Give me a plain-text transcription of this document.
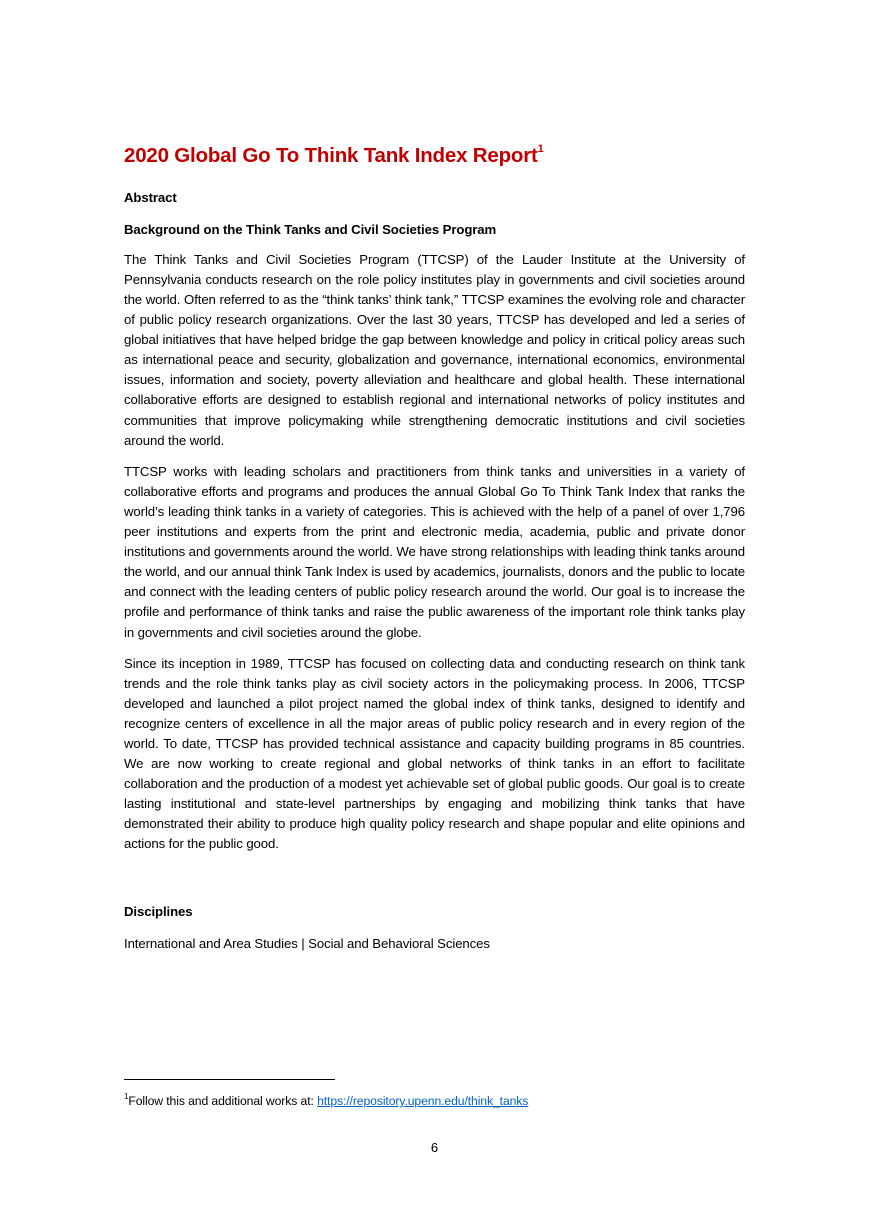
2020 Global Go To Think Tank Index Report$^1$

Abstract

Background on the Think Tanks and Civil Societies Program

The Think Tanks and Civil Societies Program (TTCSP) of the Lauder Institute at the University of Pennsylvania conducts research on the role policy institutes play in governments and civil societies around the world. Often referred to as the “think tanks’ think tank,” TTCSP examines the evolving role and character of public policy research organizations. Over the last 30 years, TTCSP has developed and led a series of global initiatives that have helped bridge the gap between knowledge and policy in critical policy areas such as international peace and security, globalization and governance, international economics, environmental issues, information and society, poverty alleviation and healthcare and global health. These international collaborative efforts are designed to establish regional and international networks of policy institutes and communities that improve policymaking while strengthening democratic institutions and civil societies around the world.

TTCSP works with leading scholars and practitioners from think tanks and universities in a variety of collaborative efforts and programs and produces the annual Global Go To Think Tank Index that ranks the world’s leading think tanks in a variety of categories. This is achieved with the help of a panel of over 1,796 peer institutions and experts from the print and electronic media, academia, public and private donor institutions and governments around the world. We have strong relationships with leading think tanks around the world, and our annual think Tank Index is used by academics, journalists, donors and the public to locate and connect with the leading centers of public policy research around the world. Our goal is to increase the profile and performance of think tanks and raise the public awareness of the important role think tanks play in governments and civil societies around the globe.

Since its inception in 1989, TTCSP has focused on collecting data and conducting research on think tank trends and the role think tanks play as civil society actors in the policymaking process. In 2006, TTCSP developed and launched a pilot project named the global index of think tanks, designed to identify and recognize centers of excellence in all the major areas of public policy research and in every region of the world. To date, TTCSP has provided technical assistance and capacity building programs in 85 countries. We are now working to create regional and global networks of think tanks in an effort to facilitate collaboration and the production of a modest yet achievable set of global public goods. Our goal is to create lasting institutional and state-level partnerships by engaging and mobilizing think tanks that have demonstrated their ability to produce high quality policy research and shape popular and elite opinions and actions for the public good.

Disciplines

International and Area Studies | Social and Behavioral Sciences

$^1$Follow this and additional works at: https://repository.upenn.edu/think_tanks
6
